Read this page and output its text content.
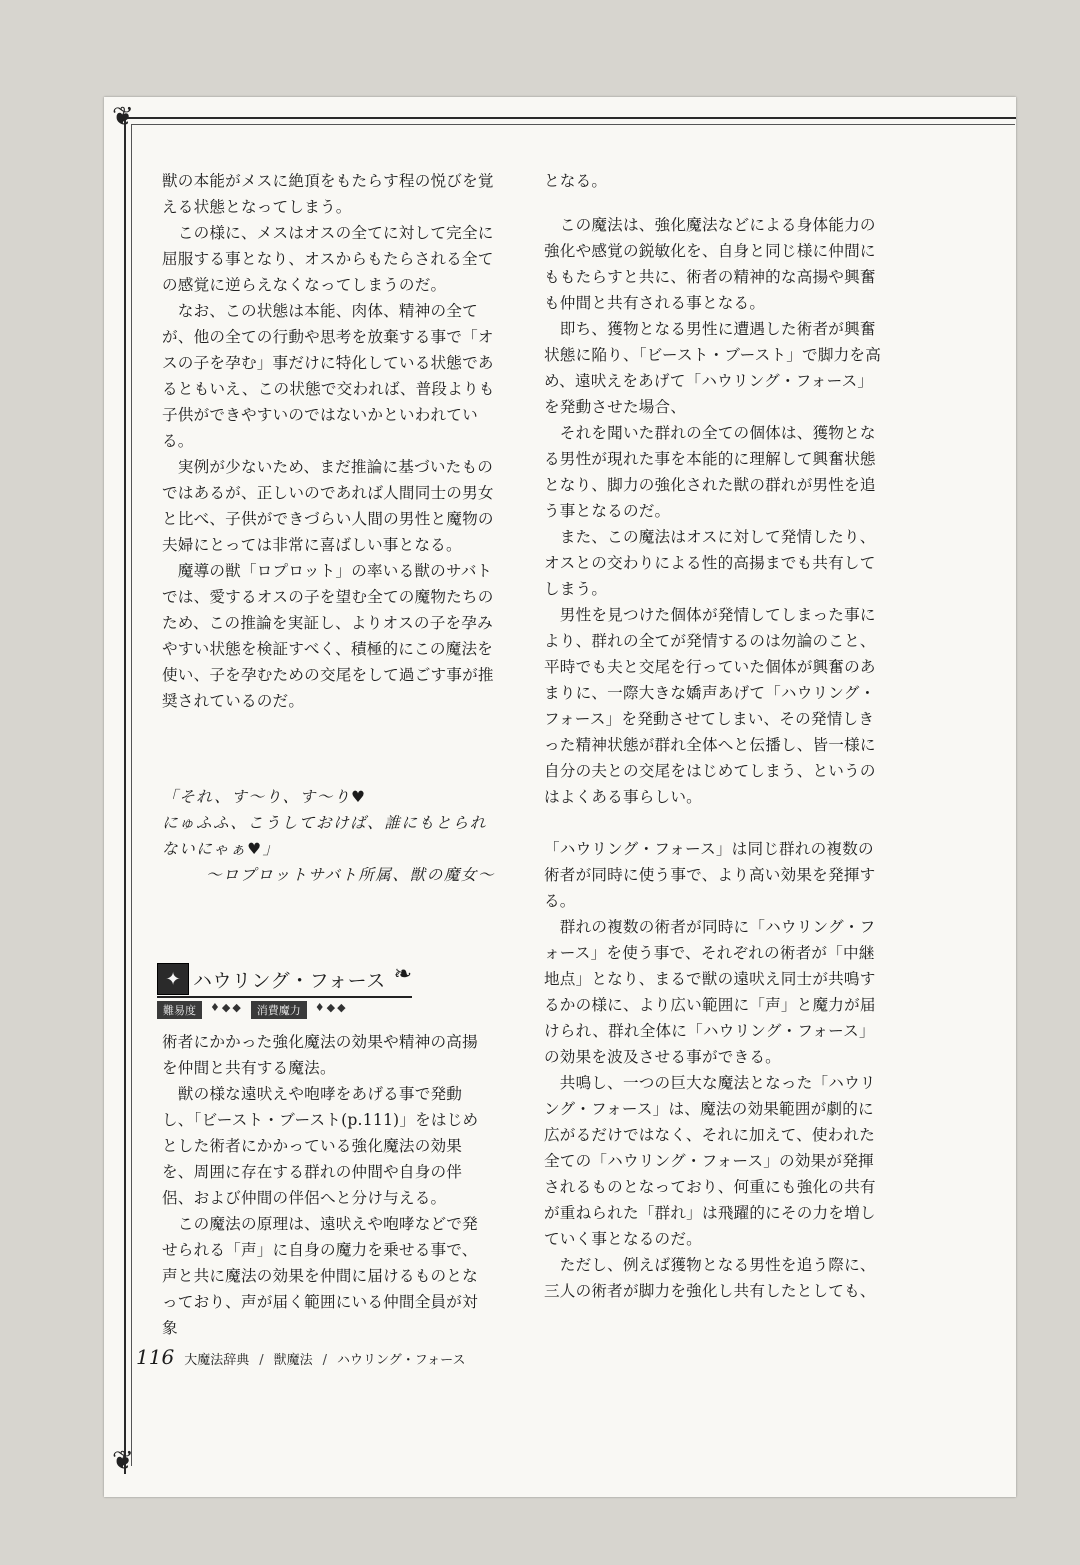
❦
❦

獣の本能がメスに絶頂をもたらす程の悦びを覚える状態となってしまう。

　この様に、メスはオスの全てに対して完全に屈服する事となり、オスからもたらされる全ての感覚に逆らえなくなってしまうのだ。

　なお、この状態は本能、肉体、精神の全てが、他の全ての行動や思考を放棄する事で「オスの子を孕む」事だけに特化している状態であるともいえ、この状態で交われば、普段よりも子供ができやすいのではないかといわれている。

　実例が少ないため、まだ推論に基づいたものではあるが、正しいのであれば人間同士の男女と比べ、子供ができづらい人間の男性と魔物の夫婦にとっては非常に喜ばしい事となる。

　魔導の獣「ロプロット」の率いる獣のサバトでは、愛するオスの子を望む全ての魔物たちのため、この推論を実証し、よりオスの子を孕みやすい状態を検証すべく、積極的にこの魔法を使い、子を孕むための交尾をして過ごす事が推奨されているのだ。

「それ、す〜り、す〜り♥

にゅふふ、こうしておけば、誰にもとられないにゃぁ♥」

〜ロプロットサバト所属、獣の魔女〜

✦ ハウリング・フォース ❧
難易度	♦◆◆	消費魔力	♦◆◆

術者にかかった強化魔法の効果や精神の高揚を仲間と共有する魔法。

　獣の様な遠吠えや咆哮をあげる事で発動し、「ビースト・ブースト(p.111)」をはじめとした術者にかかっている強化魔法の効果を、周囲に存在する群れの仲間や自身の伴侶、および仲間の伴侶へと分け与える。

　この魔法の原理は、遠吠えや咆哮などで発せられる「声」に自身の魔力を乗せる事で、声と共に魔法の効果を仲間に届けるものとなっており、声が届く範囲にいる仲間全員が対象

となる。

　この魔法は、強化魔法などによる身体能力の強化や感覚の鋭敏化を、自身と同じ様に仲間にももたらすと共に、術者の精神的な高揚や興奮も仲間と共有される事となる。

　即ち、獲物となる男性に遭遇した術者が興奮状態に陥り、「ビースト・ブースト」で脚力を高め、遠吠えをあげて「ハウリング・フォース」を発動させた場合、

　それを聞いた群れの全ての個体は、獲物となる男性が現れた事を本能的に理解して興奮状態となり、脚力の強化された獣の群れが男性を追う事となるのだ。

　また、この魔法はオスに対して発情したり、オスとの交わりによる性的高揚までも共有してしまう。

　男性を見つけた個体が発情してしまった事により、群れの全てが発情するのは勿論のこと、平時でも夫と交尾を行っていた個体が興奮のあまりに、一際大きな嬌声あげて「ハウリング・フォース」を発動させてしまい、その発情しきった精神状態が群れ全体へと伝播し、皆一様に自分の夫との交尾をはじめてしまう、というのはよくある事らしい。

「ハウリング・フォース」は同じ群れの複数の術者が同時に使う事で、より高い効果を発揮する。

　群れの複数の術者が同時に「ハウリング・フォース」を使う事で、それぞれの術者が「中継地点」となり、まるで獣の遠吠え同士が共鳴するかの様に、より広い範囲に「声」と魔力が届けられ、群れ全体に「ハウリング・フォース」の効果を波及させる事ができる。

　共鳴し、一つの巨大な魔法となった「ハウリング・フォース」は、魔法の効果範囲が劇的に広がるだけではなく、それに加えて、使われた全ての「ハウリング・フォース」の効果が発揮されるものとなっており、何重にも強化の共有が重ねられた「群れ」は飛躍的にその力を増していく事となるのだ。

　ただし、例えば獲物となる男性を追う際に、三人の術者が脚力を強化し共有したとしても、

116 大魔法辞典 / 獣魔法 / ハウリング・フォース
